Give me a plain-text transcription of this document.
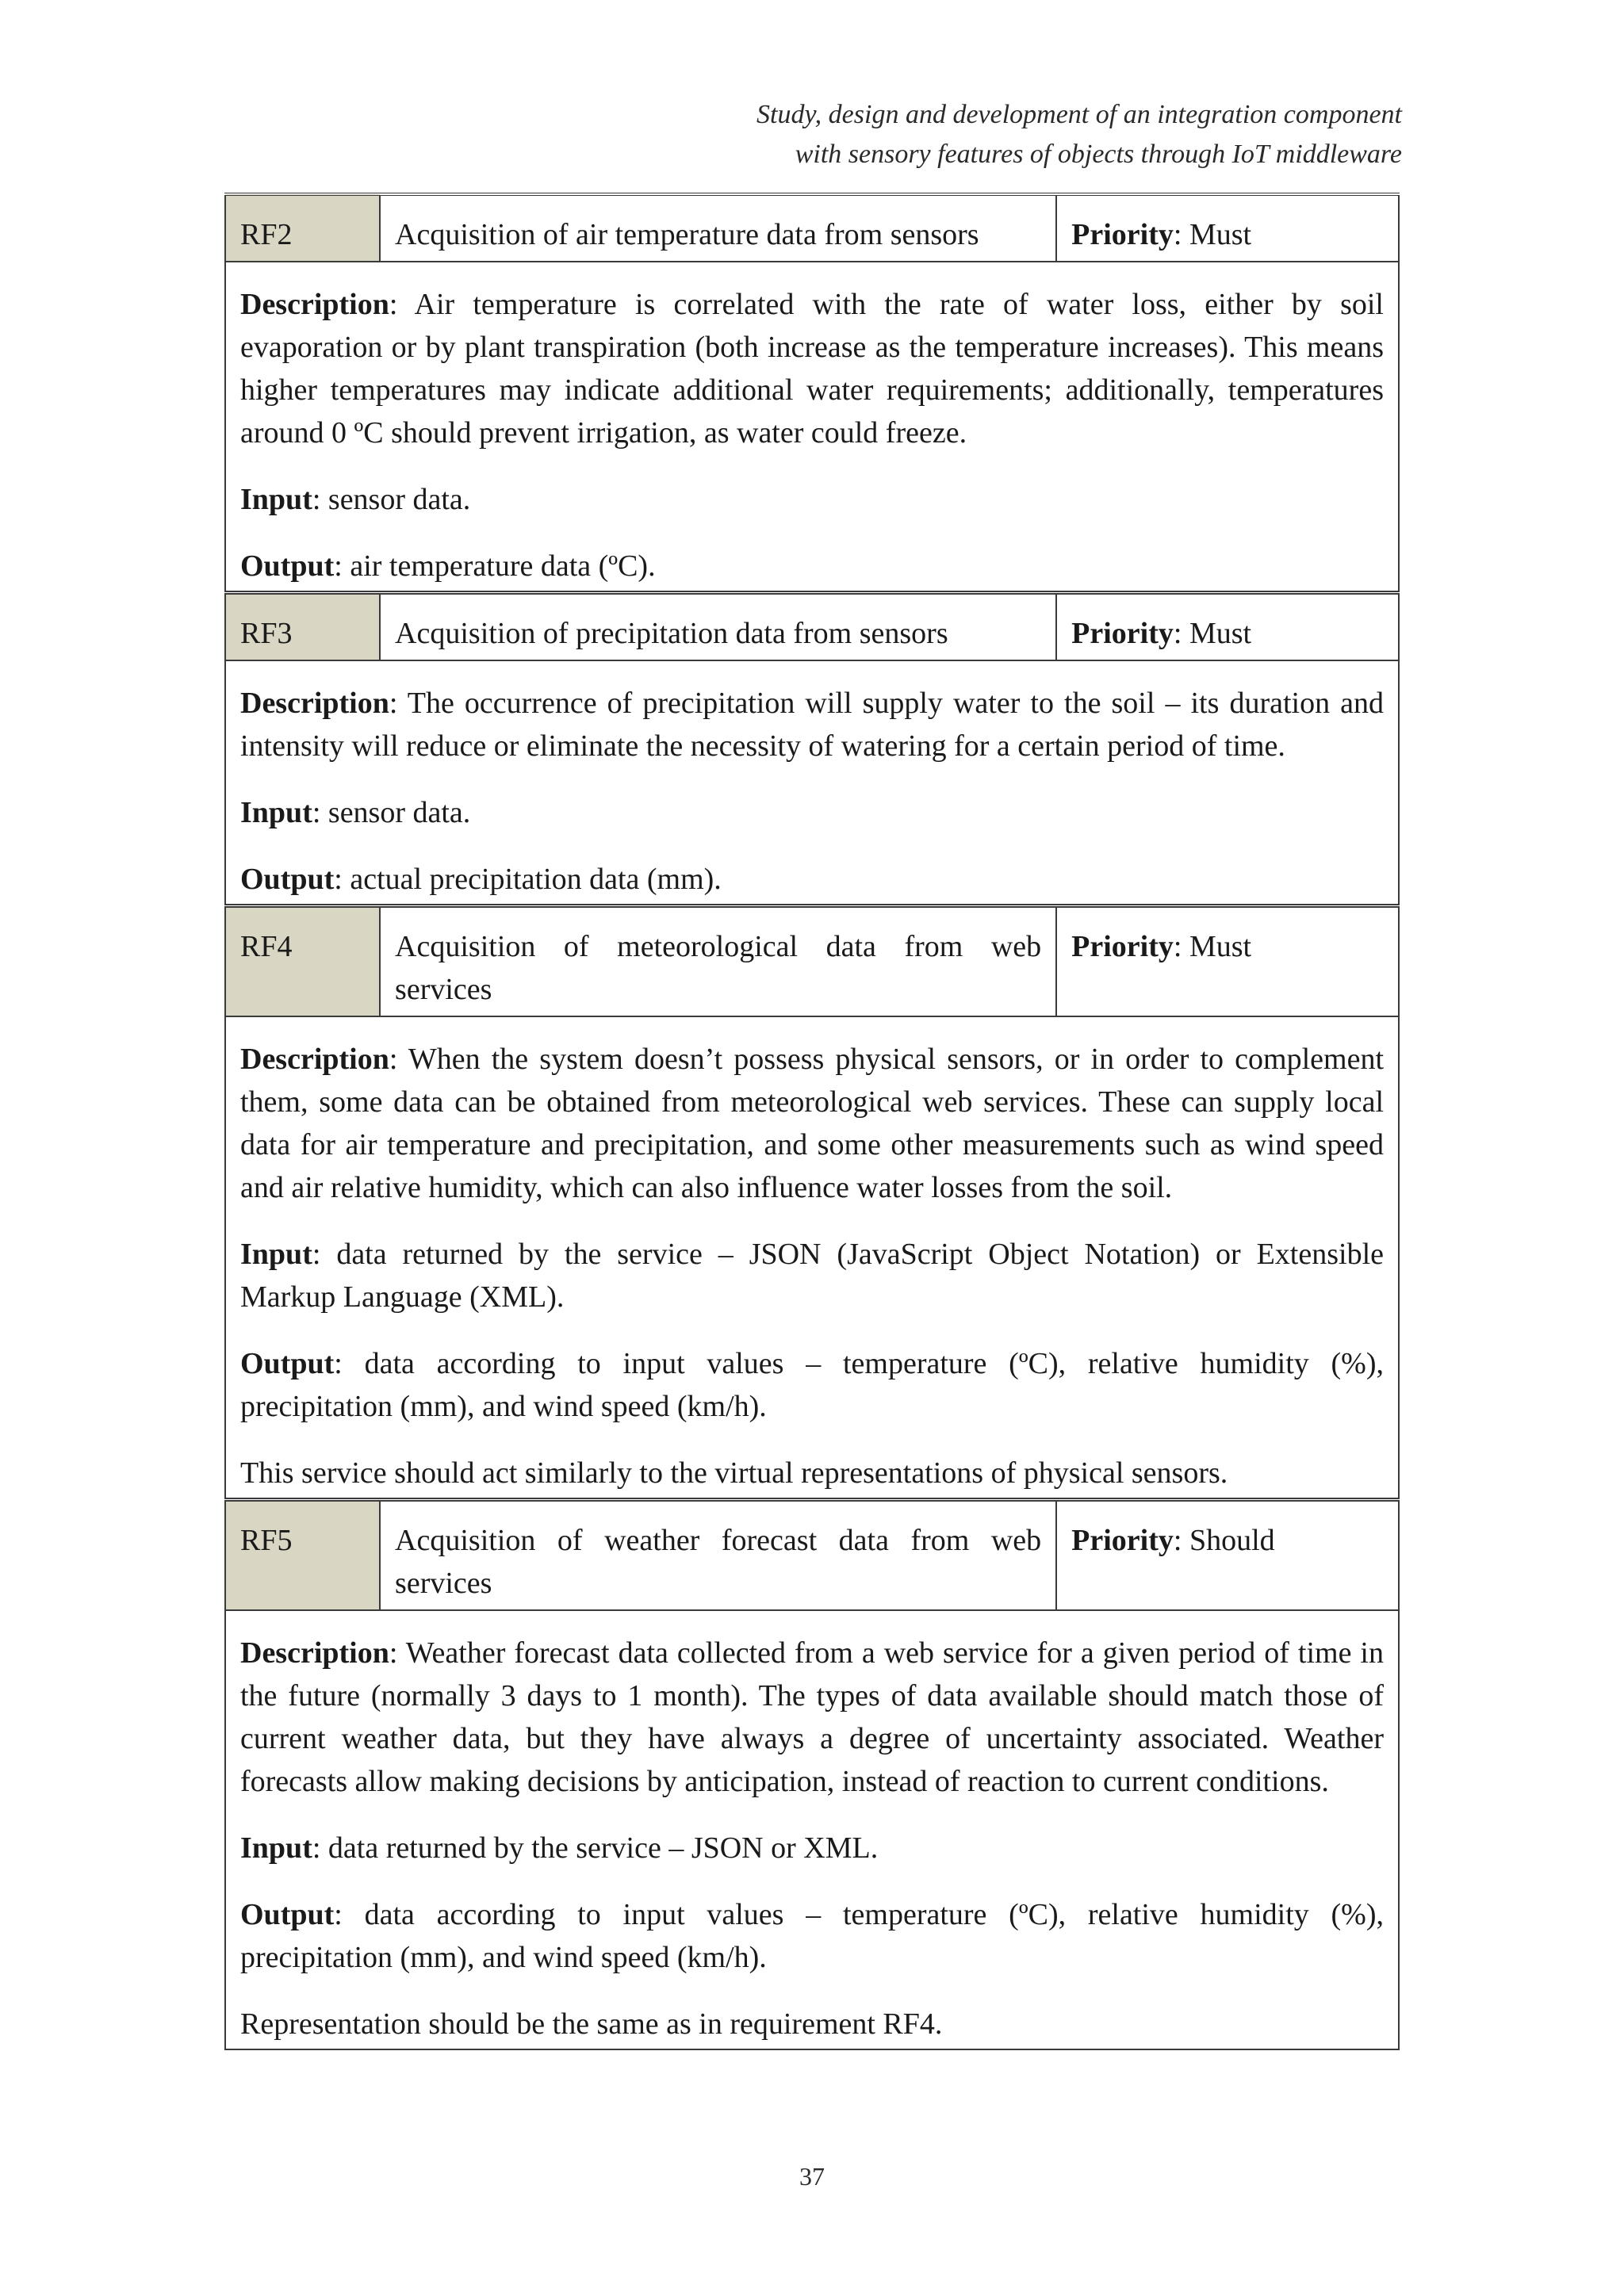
Study, design and development of an integration component
with sensory features of objects through IoT middleware
RF2	Acquisition of air temperature data from sensors	Priority: Must

Description: Air temperature is correlated with the rate of water loss, either by soil evaporation or by plant transpiration (both increase as the temperature increases). This means higher temperatures may indicate additional water requirements; additionally, temperatures around 0 ºC should prevent irrigation, as water could freeze.

Input: sensor data.

Output: air temperature data (ºC).		

RF3	Acquisition of precipitation data from sensors	Priority: Must

Description: The occurrence of precipitation will supply water to the soil – its duration and intensity will reduce or eliminate the necessity of watering for a certain period of time.

Input: sensor data.

Output: actual precipitation data (mm).		

RF4	Acquisition of meteorological data from web services	Priority: Must

Description: When the system doesn’t possess physical sensors, or in order to complement them, some data can be obtained from meteorological web services. These can supply local data for air temperature and precipitation, and some other measurements such as wind speed and air relative humidity, which can also influence water losses from the soil.

Input: data returned by the service – JSON (JavaScript Object Notation) or Extensible Markup Language (XML).

Output: data according to input values – temperature (ºC), relative humidity (%), precipitation (mm), and wind speed (km/h).

This service should act similarly to the virtual representations of physical sensors.		

RF5	Acquisition of weather forecast data from web services	Priority: Should

Description: Weather forecast data collected from a web service for a given period of time in the future (normally 3 days to 1 month). The types of data available should match those of current weather data, but they have always a degree of uncertainty associated. Weather forecasts allow making decisions by anticipation, instead of reaction to current conditions.

Input: data returned by the service – JSON or XML.

Output: data according to input values – temperature (ºC), relative humidity (%), precipitation (mm), and wind speed (km/h).

Representation should be the same as in requirement RF4.		

37
